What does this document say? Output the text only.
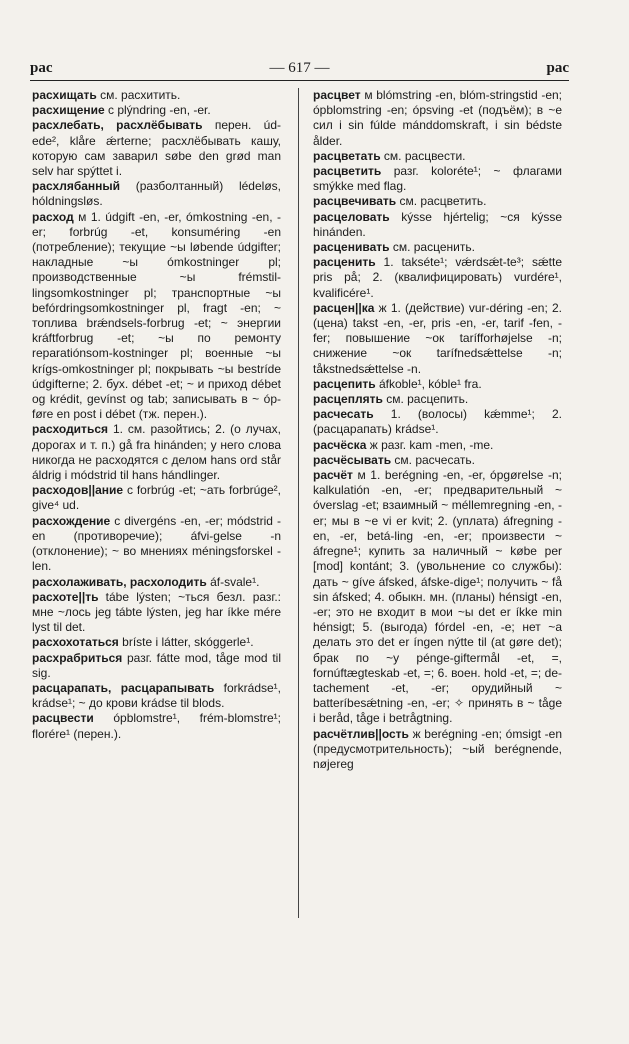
рас	— 617 —	рас

расхищать см. расхитить.

расхищение с plýndring -en, -er.

расхлебать, расхлёбывать перен. úd-ede², klåre ǽrterne; расхлёбывать кашу, которую сам заварил søbe den grød man selv har spýttet i.

расхлябанный (разболтанный) lédeløs, hóldningsløs.

расход м 1. údgift -en, -er, ómkostning -en, -er; forbrúg -et, konsuméring -en (потребление); текущие ~ы løbende údgifter; накладные ~ы ómkostninger pl; производственные ~ы frémstil-lingsomkostninger pl; транспортные ~ы befórdringsomkostninger pl, fragt -en; ~ топлива brǽndsels-forbrug -et; ~ энергии kráftforbrug -et; ~ы по ремонту reparatiónsom-kostninger pl; военные ~ы krígs-omkostninger pl; покрывать ~ы bestríde údgifterne; 2. бух. débet -et; ~ и приход débet og krédit, gevínst og tab; записывать в ~ óp-føre en post i débet (тж. перен.).

расходиться 1. см. разойтись; 2. (о лучах, дорогах и т. п.) gå fra hinánden; у него слова никогда не расходятся с делом hans ord står áldrig i módstrid til hans hándlinger.

расходов||ание с forbrúg -et; ~ать forbrúge², give⁴ ud.

расхождение с divergéns -en, -er; módstrid -en (противоречие); áfvi-gelse -n (отклонение); ~ во мнениях méningsforskel -len.

расхолаживать, расхолодить áf-svale¹.

расхоте||ть tábe lýsten; ~ться безл. разг.: мне ~лось jeg tábte lýsten, jeg har íkke mére lyst til det.

расхохотаться bríste i látter, skóggerle¹.

расхрабриться разг. fátte mod, tåge mod til sig.

расцарапать, расцарапывать forkrádse¹, krádse¹; ~ до крови krádse til blods.

расцвести ópblomstre¹, frém-blomstre¹; florére¹ (перен.).

расцвет м blómstring -en, blóm-stringstid -en; ópblomstring -en; ópsving -et (подъём); в ~е сил i sin fúlde mánddomskraft, i sin bédste ålder.

расцветать см. расцвести.

расцветить разг. koloréte¹; ~ флагами smýkke med flag.

расцвечивать см. расцветить.

расцеловать kýsse hjértelig; ~ся kýsse hinánden.

расценивать см. расценить.

расценить 1. takséte¹; vǽrdsǽt-te³; sǽtte pris på; 2. (квалифицировать) vurdére¹, kvalificére¹.

расцен||ка ж 1. (действие) vur-déring -en; 2. (цена) takst -en, -er, pris -en, -er, tarif -fen, -fer; повышение ~ок tarífforhøjelse -n; снижение ~ок tarífnedsǽttelse -n; tåkstnedsǽttelse -n.

расцепить áfkoble¹, kóble¹ fra.

расцеплять см. расцепить.

расчесать 1. (волосы) kǽmme¹; 2. (расцарапать) krádse¹.

расчёска ж разг. kam -men, -me.

расчёсывать см. расчесать.

расчёт м 1. berégning -en, -er, ópgørelse -n; kalkulatión -en, -er; предварительный ~ óverslag -et; взаимный ~ méllemregning -en, -er; мы в ~е vi er kvit; 2. (уплата) áfregning -en, -er, betá-ling -en, -er; произвести ~ áfregne¹; купить за наличный ~ købe per [mod] kontánt; 3. (увольнение со службы): дать ~ gíve áfsked, áfske-dige¹; получить ~ få sin áfsked; 4. обыкн. мн. (планы) hénsigt -en, -er; это не входит в мои ~ы det er íkke min hénsigt; 5. (выгода) fórdel -en, -e; нет ~а делать это det er íngen nýtte til (at gøre det); брак по ~у pénge-giftermål -et, =, fornúftægteskab -et, =; 6. воен. hold -et, =; de-tachement -et, -er; орудийный ~ batteríbesǽtning -en, -er; ✧ принять в ~ tåge i beråd, tåge i betrågtning.

расчётлив||ость ж berégning -en; ómsigt -en (предусмотрительность); ~ый berégnende, nøjereg
